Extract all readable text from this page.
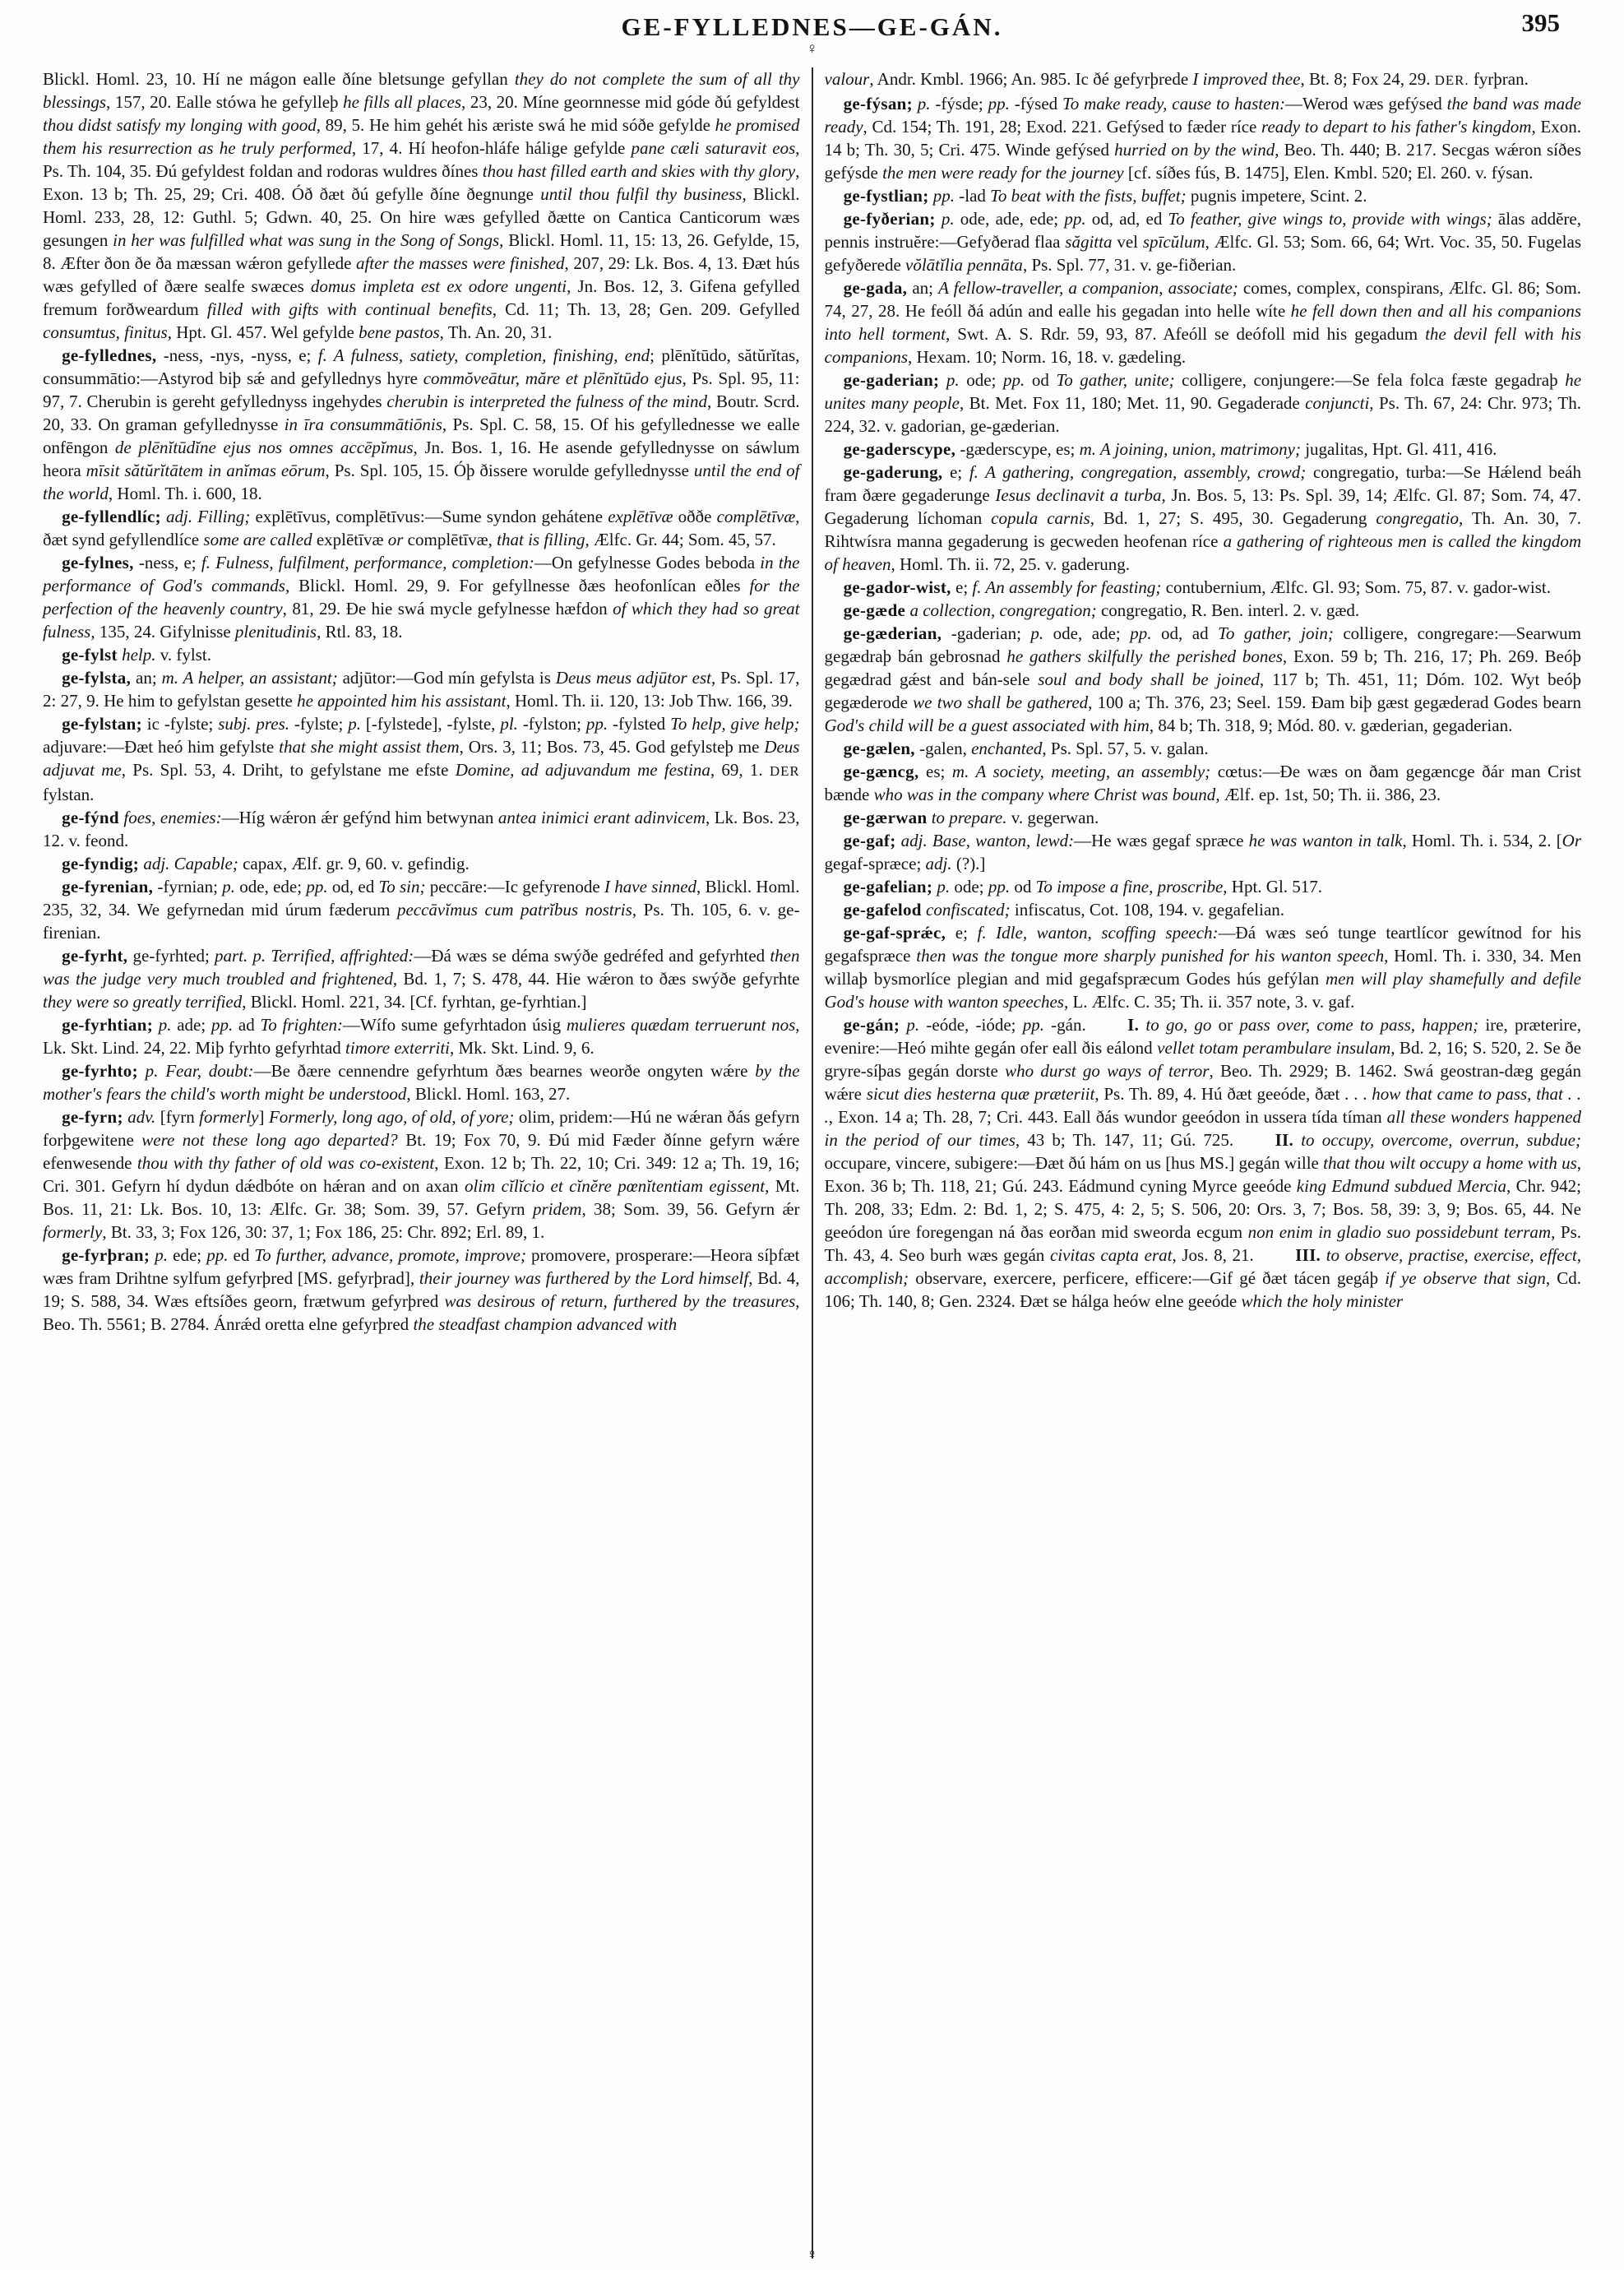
GE-FYLLEDNES—GE-GÁN.	395
♀

Blickl. Homl. 23, 10. Hí ne mágon ealle ðíne bletsunge gefyllan they do not complete the sum of all thy blessings, 157, 20. Ealle stówa he gefylleþ he fills all places, 23, 20. Míne geornnesse mid góde ðú gefyldest thou didst satisfy my longing with good, 89, 5. He him gehét his æriste swá he mid sóðe gefylde he promised them his resurrection as he truly performed, 17, 4. Hí heofon-hláfe hálige gefylde pane cæli saturavit eos, Ps. Th. 104, 35. Ðú gefyldest foldan and rodoras wuldres ðínes thou hast filled earth and skies with thy glory, Exon. 13 b; Th. 25, 29; Cri. 408. Óð ðæt ðú gefylle ðíne ðegnunge until thou fulfil thy business, Blickl. Homl. 233, 28, 12: Guthl. 5; Gdwn. 40, 25. On hire wæs gefylled ðætte on Cantica Canticorum wæs gesungen in her was fulfilled what was sung in the Song of Songs, Blickl. Homl. 11, 15: 13, 26. Gefylde, 15, 8. Æfter ðon ðe ða mæssan wǽron gefyllede after the masses were finished, 207, 29: Lk. Bos. 4, 13. Ðæt hús wæs gefylled of ðære sealfe swæces domus impleta est ex odore ungenti, Jn. Bos. 12, 3. Gifena gefylled fremum forðweardum filled with gifts with continual benefits, Cd. 11; Th. 13, 28; Gen. 209. Gefylled consumtus, finitus, Hpt. Gl. 457. Wel gefylde bene pastos, Th. An. 20, 31.

ge-fyllednes, -ness, -nys, -nyss, e; f. A fulness, satiety, completion, finishing, end; plēnĭtūdo, sătŭrĭtas, consummātio:—Astyrod biþ sǽ and gefyllednys hyre commŏveātur, măre et plēnĭtūdo ejus, Ps. Spl. 95, 11: 97, 7. Cherubin is gereht gefyllednyss ingehydes cherubin is interpreted the fulness of the mind, Boutr. Scrd. 20, 33. On graman gefyllednysse in īra consummātiōnis, Ps. Spl. C. 58, 15. Of his gefyllednesse we ealle onfēngon de plēnĭtūdĭne ejus nos omnes accēpĭmus, Jn. Bos. 1, 16. He asende gefyllednysse on sáwlum heora mīsit sătŭrĭtātem in anĭmas eōrum, Ps. Spl. 105, 15. Óþ ðissere worulde gefyllednysse until the end of the world, Homl. Th. i. 600, 18.

ge-fyllendlíc; adj. Filling; explētīvus, complētīvus:—Sume syndon gehátene explētīvæ oððe complētīvæ, ðæt synd gefyllendlíce some are called explētīvæ or complētīvæ, that is filling, Ælfc. Gr. 44; Som. 45, 57.

ge-fylnes, -ness, e; f. Fulness, fulfilment, performance, completion:—On gefylnesse Godes beboda in the performance of God's commands, Blickl. Homl. 29, 9. For gefyllnesse ðæs heofonlícan eðles for the perfection of the heavenly country, 81, 29. Ðe hie swá mycle gefylnesse hæfdon of which they had so great fulness, 135, 24. Gifylnisse plenitudinis, Rtl. 83, 18.

ge-fylst help. v. fylst.

ge-fylsta, an; m. A helper, an assistant; adjūtor:—God mín gefylsta is Deus meus adjūtor est, Ps. Spl. 17, 2: 27, 9. He him to gefylstan gesette he appointed him his assistant, Homl. Th. ii. 120, 13: Job Thw. 166, 39.

ge-fylstan; ic -fylste; subj. pres. -fylste; p. [-fylstede], -fylste, pl. -fylston; pp. -fylsted To help, give help; adjuvare:—Ðæt heó him gefylste that she might assist them, Ors. 3, 11; Bos. 73, 45. God gefylsteþ me Deus adjuvat me, Ps. Spl. 53, 4. Driht, to gefylstane me efste Domine, ad adjuvandum me festina, 69, 1. DER fylstan.

ge-fýnd foes, enemies:—Híg wǽron ǽr gefýnd him betwynan antea inimici erant adinvicem, Lk. Bos. 23, 12. v. feond.

ge-fyndig; adj. Capable; capax, Ælf. gr. 9, 60. v. gefindig.

ge-fyrenian, -fyrnian; p. ode, ede; pp. od, ed To sin; peccāre:—Ic gefyrenode I have sinned, Blickl. Homl. 235, 32, 34. We gefyrnedan mid úrum fæderum peccāvĭmus cum patrĭbus nostris, Ps. Th. 105, 6. v. ge-firenian.

ge-fyrht, ge-fyrhted; part. p. Terrified, affrighted:—Ðá wæs se déma swýðe gedréfed and gefyrhted then was the judge very much troubled and frightened, Bd. 1, 7; S. 478, 44. Hie wǽron to ðæs swýðe gefyrhte they were so greatly terrified, Blickl. Homl. 221, 34. [Cf. fyrhtan, ge-fyrhtian.]

ge-fyrhtian; p. ade; pp. ad To frighten:—Wífo sume gefyrhtadon úsig mulieres quædam terruerunt nos, Lk. Skt. Lind. 24, 22. Miþ fyrhto gefyrhtad timore exterriti, Mk. Skt. Lind. 9, 6.

ge-fyrhto; p. Fear, doubt:—Be ðære cennendre gefyrhtum ðæs bearnes weorðe ongyten wǽre by the mother's fears the child's worth might be understood, Blickl. Homl. 163, 27.

ge-fyrn; adv. [fyrn formerly] Formerly, long ago, of old, of yore; olim, pridem:—Hú ne wǽran ðás gefyrn forþgewitene were not these long ago departed? Bt. 19; Fox 70, 9. Ðú mid Fæder ðínne gefyrn wǽre efenwesende thou with thy father of old was co-existent, Exon. 12 b; Th. 22, 10; Cri. 349: 12 a; Th. 19, 16; Cri. 301. Gefyrn hí dydun dǽdbóte on hǽran and on axan olim cĭlĭcio et cĭnĕre pœnĭtentiam egissent, Mt. Bos. 11, 21: Lk. Bos. 10, 13: Ælfc. Gr. 38; Som. 39, 57. Gefyrn pridem, 38; Som. 39, 56. Gefyrn ǽr formerly, Bt. 33, 3; Fox 126, 30: 37, 1; Fox 186, 25: Chr. 892; Erl. 89, 1.

ge-fyrþran; p. ede; pp. ed To further, advance, promote, improve; promovere, prosperare:—Heora síþfæt wæs fram Drihtne sylfum gefyrþred [MS. gefyrþrad], their journey was furthered by the Lord himself, Bd. 4, 19; S. 588, 34. Wæs eftsíðes georn, frætwum gefyrþred was desirous of return, furthered by the treasures, Beo. Th. 5561; B. 2784. Ánrǽd oretta elne gefyrþred the steadfast champion advanced with

valour, Andr. Kmbl. 1966; An. 985. Ic ðé gefyrþrede I improved thee, Bt. 8; Fox 24, 29. DER. fyrþran.

ge-fýsan; p. -fýsde; pp. -fýsed To make ready, cause to hasten:—Werod wæs gefýsed the band was made ready, Cd. 154; Th. 191, 28; Exod. 221. Gefýsed to fæder ríce ready to depart to his father's kingdom, Exon. 14 b; Th. 30, 5; Cri. 475. Winde gefýsed hurried on by the wind, Beo. Th. 440; B. 217. Secgas wǽron síðes gefýsde the men were ready for the journey [cf. síðes fús, B. 1475], Elen. Kmbl. 520; El. 260. v. fýsan.

ge-fystlian; pp. -lad To beat with the fists, buffet; pugnis impetere, Scint. 2.

ge-fyðerian; p. ode, ade, ede; pp. od, ad, ed To feather, give wings to, provide with wings; ālas addĕre, pennis instruĕre:—Gefyðerad flaa săgitta vel spīcŭlum, Ælfc. Gl. 53; Som. 66, 64; Wrt. Voc. 35, 50. Fugelas gefyðerede vŏlātĭlia pennāta, Ps. Spl. 77, 31. v. ge-fiðerian.

ge-gada, an; A fellow-traveller, a companion, associate; comes, complex, conspirans, Ælfc. Gl. 86; Som. 74, 27, 28. He feóll ðá adún and ealle his gegadan into helle wíte he fell down then and all his companions into hell torment, Swt. A. S. Rdr. 59, 93, 87. Afeóll se deófoll mid his gegadum the devil fell with his companions, Hexam. 10; Norm. 16, 18. v. gædeling.

ge-gaderian; p. ode; pp. od To gather, unite; colligere, conjungere:—Se fela folca fæste gegadraþ he unites many people, Bt. Met. Fox 11, 180; Met. 11, 90. Gegaderade conjuncti, Ps. Th. 67, 24: Chr. 973; Th. 224, 32. v. gadorian, ge-gæderian.

ge-gaderscype, -gæderscype, es; m. A joining, union, matrimony; jugalitas, Hpt. Gl. 411, 416.

ge-gaderung, e; f. A gathering, congregation, assembly, crowd; congregatio, turba:—Se Hǽlend beáh fram ðære gegaderunge Iesus declinavit a turba, Jn. Bos. 5, 13: Ps. Spl. 39, 14; Ælfc. Gl. 87; Som. 74, 47. Gegaderung líchoman copula carnis, Bd. 1, 27; S. 495, 30. Gegaderung congregatio, Th. An. 30, 7. Rihtwísra manna gegaderung is gecweden heofenan ríce a gathering of righteous men is called the kingdom of heaven, Homl. Th. ii. 72, 25. v. gaderung.

ge-gador-wist, e; f. An assembly for feasting; contubernium, Ælfc. Gl. 93; Som. 75, 87. v. gador-wist.

ge-gæde a collection, congregation; congregatio, R. Ben. interl. 2. v. gæd.

ge-gæderian, -gaderian; p. ode, ade; pp. od, ad To gather, join; colligere, congregare:—Searwum gegædraþ bán gebrosnad he gathers skilfully the perished bones, Exon. 59 b; Th. 216, 17; Ph. 269. Beóþ gegædrad gǽst and bán-sele soul and body shall be joined, 117 b; Th. 451, 11; Dóm. 102. Wyt beóþ gegæderode we two shall be gathered, 100 a; Th. 376, 23; Seel. 159. Ðam biþ gæst gegæderad Godes bearn God's child will be a guest associated with him, 84 b; Th. 318, 9; Mód. 80. v. gæderian, gegaderian.

ge-gælen, -galen, enchanted, Ps. Spl. 57, 5. v. galan.

ge-gæncg, es; m. A society, meeting, an assembly; cœtus:—Ðe wæs on ðam gegæncge ðár man Crist bænde who was in the company where Christ was bound, Ælf. ep. 1st, 50; Th. ii. 386, 23.

ge-gærwan to prepare. v. gegerwan.

ge-gaf; adj. Base, wanton, lewd:—He wæs gegaf spræce he was wanton in talk, Homl. Th. i. 534, 2. [Or gegaf-spræce; adj. (?).]

ge-gafelian; p. ode; pp. od To impose a fine, proscribe, Hpt. Gl. 517.

ge-gafelod confiscated; infiscatus, Cot. 108, 194. v. gegafelian.

ge-gaf-sprǽc, e; f. Idle, wanton, scoffing speech:—Ðá wæs seó tunge teartlícor gewítnod for his gegafspræce then was the tongue more sharply punished for his wanton speech, Homl. Th. i. 330, 34. Men willaþ bysmorlíce plegian and mid gegafspræcum Godes hús gefýlan men will play shamefully and defile God's house with wanton speeches, L. Ælfc. C. 35; Th. ii. 357 note, 3. v. gaf.

ge-gán; p. -eóde, -ióde; pp. -gán. I. to go, go or pass over, come to pass, happen; ire, præterire, evenire:—Heó mihte gegán ofer eall ðis eálond vellet totam perambulare insulam, Bd. 2, 16; S. 520, 2. Se ðe gryre-síþas gegán dorste who durst go ways of terror, Beo. Th. 2929; B. 1462. Swá geostran-dæg gegán wǽre sicut dies hesterna quæ præteriit, Ps. Th. 89, 4. Hú ðæt geeóde, ðæt . . . how that came to pass, that . . ., Exon. 14 a; Th. 28, 7; Cri. 443. Eall ðás wundor geeódon in ussera tída tíman all these wonders happened in the period of our times, 43 b; Th. 147, 11; Gú. 725. II. to occupy, overcome, overrun, subdue; occupare, vincere, subigere:—Ðæt ðú hám on us [hus MS.] gegán wille that thou wilt occupy a home with us, Exon. 36 b; Th. 118, 21; Gú. 243. Eádmund cyning Myrce geeóde king Edmund subdued Mercia, Chr. 942; Th. 208, 33; Edm. 2: Bd. 1, 2; S. 475, 4: 2, 5; S. 506, 20: Ors. 3, 7; Bos. 58, 39: 3, 9; Bos. 65, 44. Ne geeódon úre foregengan ná ðas eorðan mid sweorda ecgum non enim in gladio suo possidebunt terram, Ps. Th. 43, 4. Seo burh wæs gegán civitas capta erat, Jos. 8, 21. III. to observe, practise, exercise, effect, accomplish; observare, exercere, perficere, efficere:—Gif gé ðæt tácen gegáþ if ye observe that sign, Cd. 106; Th. 140, 8; Gen. 2324. Ðæt se hálga heów elne geeóde which the holy minister

♀
